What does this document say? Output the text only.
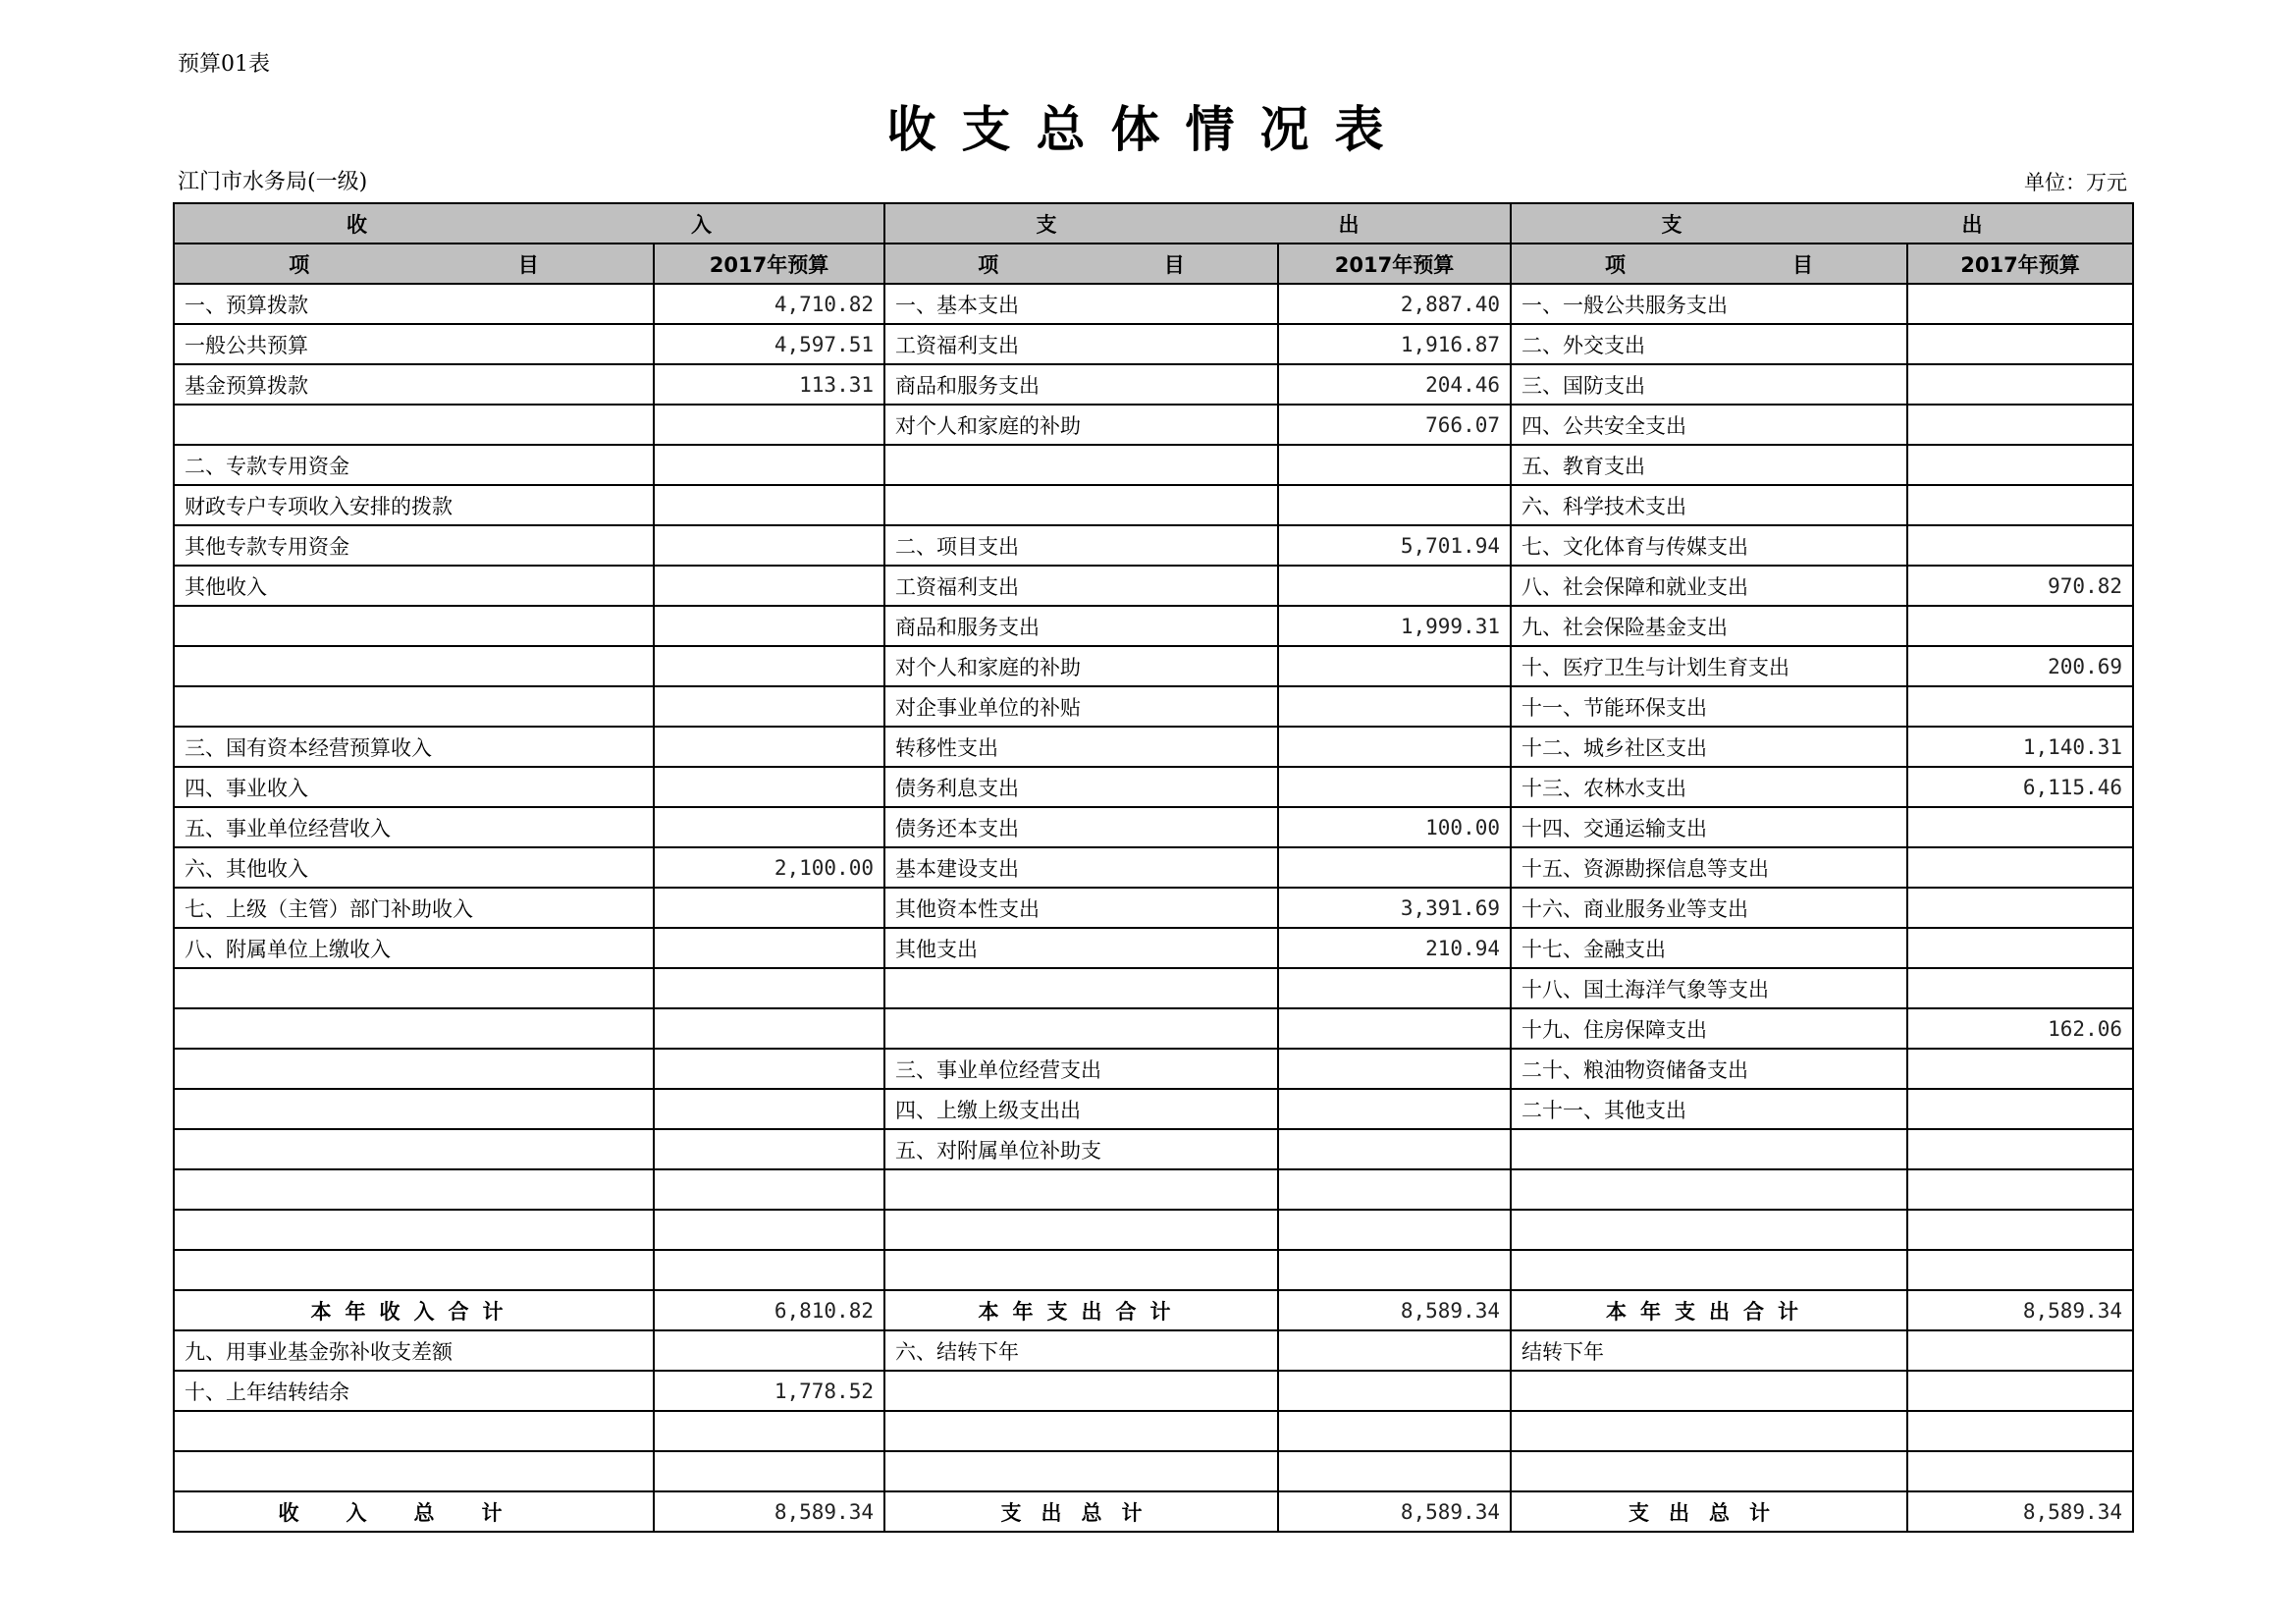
预算01表
收支总体情况表
江门市水务局(一级)	单位：万元
收 入		支 出		支 出	

项 目	2017年预算	项 目	2017年预算	项 目	2017年预算
一、预算拨款	4,710.82	一、基本支出	2,887.40	一、一般公共服务支出	
一般公共预算	4,597.51	工资福利支出	1,916.87	二、外交支出	
基金预算拨款	113.31	商品和服务支出	204.46	三、国防支出	
		对个人和家庭的补助	766.07	四、公共安全支出	
二、专款专用资金				五、教育支出	
财政专户专项收入安排的拨款				六、科学技术支出	
其他专款专用资金		二、项目支出	5,701.94	七、文化体育与传媒支出	
其他收入		工资福利支出		八、社会保障和就业支出	970.82
		商品和服务支出	1,999.31	九、社会保险基金支出	
		对个人和家庭的补助		十、医疗卫生与计划生育支出	200.69
		对企事业单位的补贴		十一、节能环保支出	
三、国有资本经营预算收入		转移性支出		十二、城乡社区支出	1,140.31
四、事业收入		债务利息支出		十三、农林水支出	6,115.46
五、事业单位经营收入		债务还本支出	100.00	十四、交通运输支出	
六、其他收入	2,100.00	基本建设支出		十五、资源勘探信息等支出	
七、上级（主管）部门补助收入		其他资本性支出	3,391.69	十六、商业服务业等支出	
八、附属单位上缴收入		其他支出	210.94	十七、金融支出	
				十八、国土海洋气象等支出	
				十九、住房保障支出	162.06
		三、事业单位经营支出		二十、粮油物资储备支出	
		四、上缴上级支出出		二十一、其他支出	
		五、对附属单位补助支			

本年收入合计	6,810.82	本年支出合计	8,589.34	本年支出合计	8,589.34
九、用事业基金弥补收支差额		六、结转下年		结转下年	
十、上年结转结余	1,778.52				

收入总计	8,589.34	支出总计	8,589.34	支出总计	8,589.34
